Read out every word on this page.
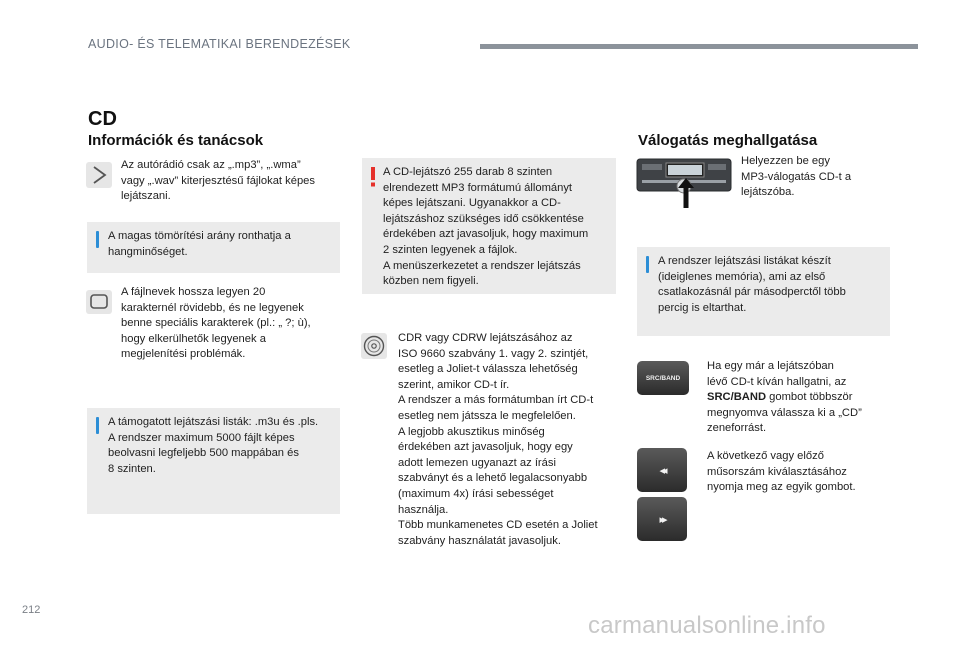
AUDIO- ÉS TELEMATIKAI BERENDEZÉSEK
CD
Információk és tanácsok	Válogatás meghallgatása
Az autórádió csak az „.mp3”, „.wma”
vagy „.wav” kiterjesztésű fájlokat képes
lejátszani.
A magas tömörítési arány ronthatja a
hangminőséget.
A fájlnevek hossza legyen 20
karakternél rövidebb, és ne legyenek
benne speciális karakterek (pl.: „ ?; ù),
hogy elkerülhetők legyenek a
megjelenítési problémák.
A támogatott lejátszási listák: .m3u és .pls.
A rendszer maximum 5000 fájlt képes
beolvasni legfeljebb 500 mappában és
8 szinten.
A CD-lejátszó 255 darab 8 szinten
elrendezett MP3 formátumú állományt
képes lejátszani. Ugyanakkor a CD-
lejátszáshoz szükséges idő csökkentése
érdekében azt javasoljuk, hogy maximum
2 szinten legyenek a fájlok.
A menüszerkezetet a rendszer lejátszás
közben nem figyeli.
CDR vagy CDRW lejátszásához az
ISO 9660 szabvány 1. vagy 2. szintjét,
esetleg a Joliet-t válassza lehetőség
szerint, amikor CD-t ír.
A rendszer a más formátumban írt CD-t
esetleg nem játssza le megfelelően.
A legjobb akusztikus minőség
érdekében azt javasoljuk, hogy egy
adott lemezen ugyanazt az írási
szabványt és a lehető legalacsonyabb
(maximum 4x) írási sebességet
használja.
Több munkamenetes CD esetén a Joliet
szabvány használatát javasoljuk.
Helyezzen be egy
MP3-válogatás CD-t a
lejátszóba.
A rendszer lejátszási listákat készít
(ideiglenes memória), ami az első
csatlakozásnál pár másodperctől több
percig is eltarthat.
SRC/BAND
Ha egy már a lejátszóban
lévő CD-t kíván hallgatni, az
SRC/BAND gombot többször
megnyomva válassza ki a „CD”
zeneforrást.
◂◂
▸▸
A következő vagy előző
műsorszám kiválasztásához
nyomja meg az egyik gombot.
212
carmanualsonline.info
